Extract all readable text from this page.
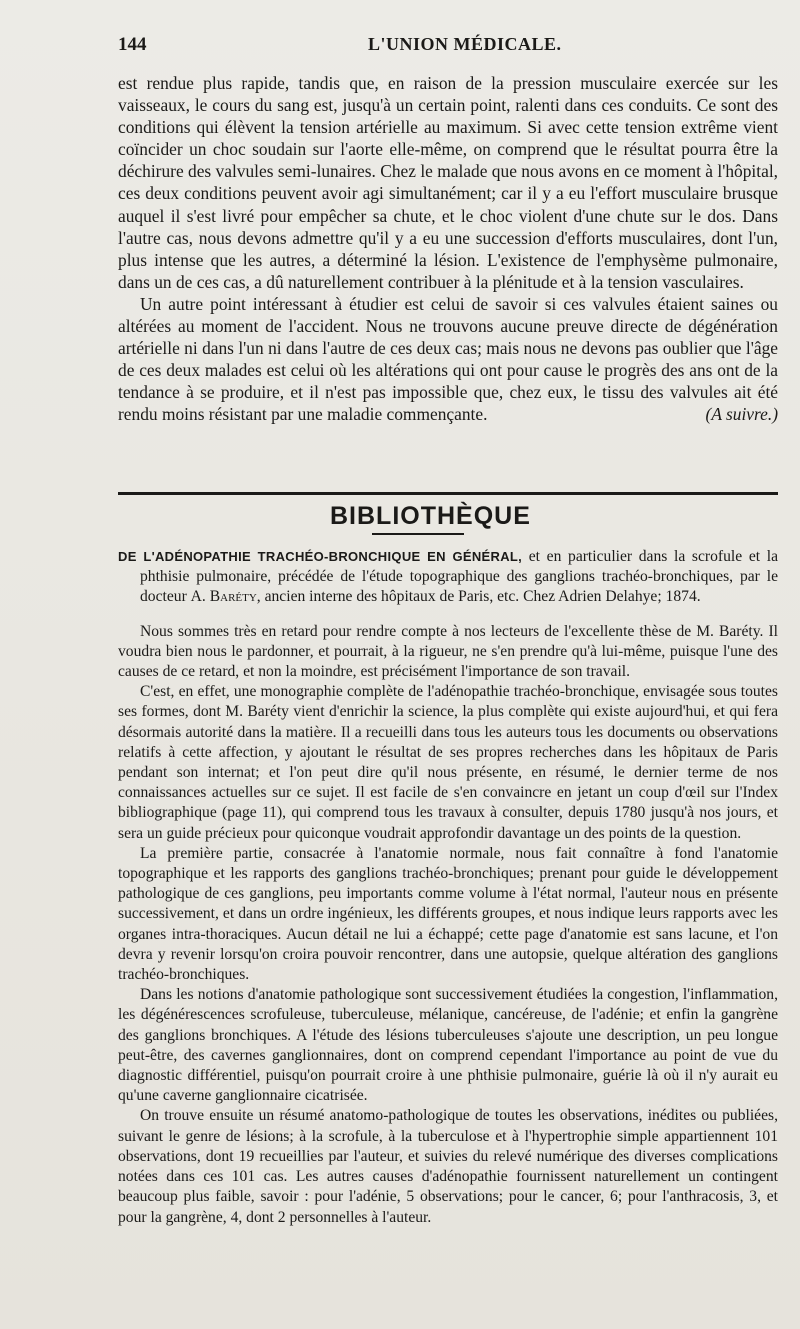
144	L'UNION MÉDICALE.

est rendue plus rapide, tandis que, en raison de la pression musculaire exercée sur les vaisseaux, le cours du sang est, jusqu'à un certain point, ralenti dans ces conduits. Ce sont des conditions qui élèvent la tension artérielle au maximum. Si avec cette tension extrême vient coïncider un choc soudain sur l'aorte elle-même, on comprend que le résultat pourra être la déchirure des valvules semi-lunaires. Chez le malade que nous avons en ce moment à l'hôpital, ces deux conditions peuvent avoir agi simultanément; car il y a eu l'effort musculaire brusque auquel il s'est livré pour empêcher sa chute, et le choc violent d'une chute sur le dos. Dans l'autre cas, nous devons admettre qu'il y a eu une succession d'efforts musculaires, dont l'un, plus intense que les autres, a déterminé la lésion. L'existence de l'emphysème pulmonaire, dans un de ces cas, a dû naturellement contribuer à la plénitude et à la tension vasculaires.

Un autre point intéressant à étudier est celui de savoir si ces valvules étaient saines ou altérées au moment de l'accident. Nous ne trouvons aucune preuve directe de dégénération artérielle ni dans l'un ni dans l'autre de ces deux cas; mais nous ne devons pas oublier que l'âge de ces deux malades est celui où les altérations qui ont pour cause le progrès des ans ont de la tendance à se produire, et il n'est pas impossible que, chez eux, le tissu des valvules ait été rendu moins résistant par une maladie commençante.	(A suivre.)

BIBLIOTHÈQUE

DE L'ADÉNOPATHIE TRACHÉO-BRONCHIQUE EN GÉNÉRAL, et en particulier dans la scrofule et la phthisie pulmonaire, précédée de l'étude topographique des ganglions trachéo-bronchiques, par le docteur A. Baréty, ancien interne des hôpitaux de Paris, etc. Chez Adrien Delahye; 1874.

Nous sommes très en retard pour rendre compte à nos lecteurs de l'excellente thèse de M. Baréty. Il voudra bien nous le pardonner, et pourrait, à la rigueur, ne s'en prendre qu'à lui-même, puisque l'une des causes de ce retard, et non la moindre, est précisément l'importance de son travail.

C'est, en effet, une monographie complète de l'adénopathie trachéo-bronchique, envisagée sous toutes ses formes, dont M. Baréty vient d'enrichir la science, la plus complète qui existe aujourd'hui, et qui fera désormais autorité dans la matière. Il a recueilli dans tous les auteurs tous les documents ou observations relatifs à cette affection, y ajoutant le résultat de ses propres recherches dans les hôpitaux de Paris pendant son internat; et l'on peut dire qu'il nous présente, en résumé, le dernier terme de nos connaissances actuelles sur ce sujet. Il est facile de s'en convaincre en jetant un coup d'œil sur l'Index bibliographique (page 11), qui comprend tous les travaux à consulter, depuis 1780 jusqu'à nos jours, et sera un guide précieux pour quiconque voudrait approfondir davantage un des points de la question.

La première partie, consacrée à l'anatomie normale, nous fait connaître à fond l'anatomie topographique et les rapports des ganglions trachéo-bronchiques; prenant pour guide le développement pathologique de ces ganglions, peu importants comme volume à l'état normal, l'auteur nous en présente successivement, et dans un ordre ingénieux, les différents groupes, et nous indique leurs rapports avec les organes intra-thoraciques. Aucun détail ne lui a échappé; cette page d'anatomie est sans lacune, et l'on devra y revenir lorsqu'on croira pouvoir rencontrer, dans une autopsie, quelque altération des ganglions trachéo-bronchiques.

Dans les notions d'anatomie pathologique sont successivement étudiées la congestion, l'inflammation, les dégénérescences scrofuleuse, tuberculeuse, mélanique, cancéreuse, de l'adénie; et enfin la gangrène des ganglions bronchiques. A l'étude des lésions tuberculeuses s'ajoute une description, un peu longue peut-être, des cavernes ganglionnaires, dont on comprend cependant l'importance au point de vue du diagnostic différentiel, puisqu'on pourrait croire à une phthisie pulmonaire, guérie là où il n'y aurait eu qu'une caverne ganglionnaire cicatrisée.

On trouve ensuite un résumé anatomo-pathologique de toutes les observations, inédites ou publiées, suivant le genre de lésions; à la scrofule, à la tuberculose et à l'hypertrophie simple appartiennent 101 observations, dont 19 recueillies par l'auteur, et suivies du relevé numérique des diverses complications notées dans ces 101 cas. Les autres causes d'adénopathie fournissent naturellement un contingent beaucoup plus faible, savoir : pour l'adénie, 5 observations; pour le cancer, 6; pour l'anthracosis, 3, et pour la gangrène, 4, dont 2 personnelles à l'auteur.
